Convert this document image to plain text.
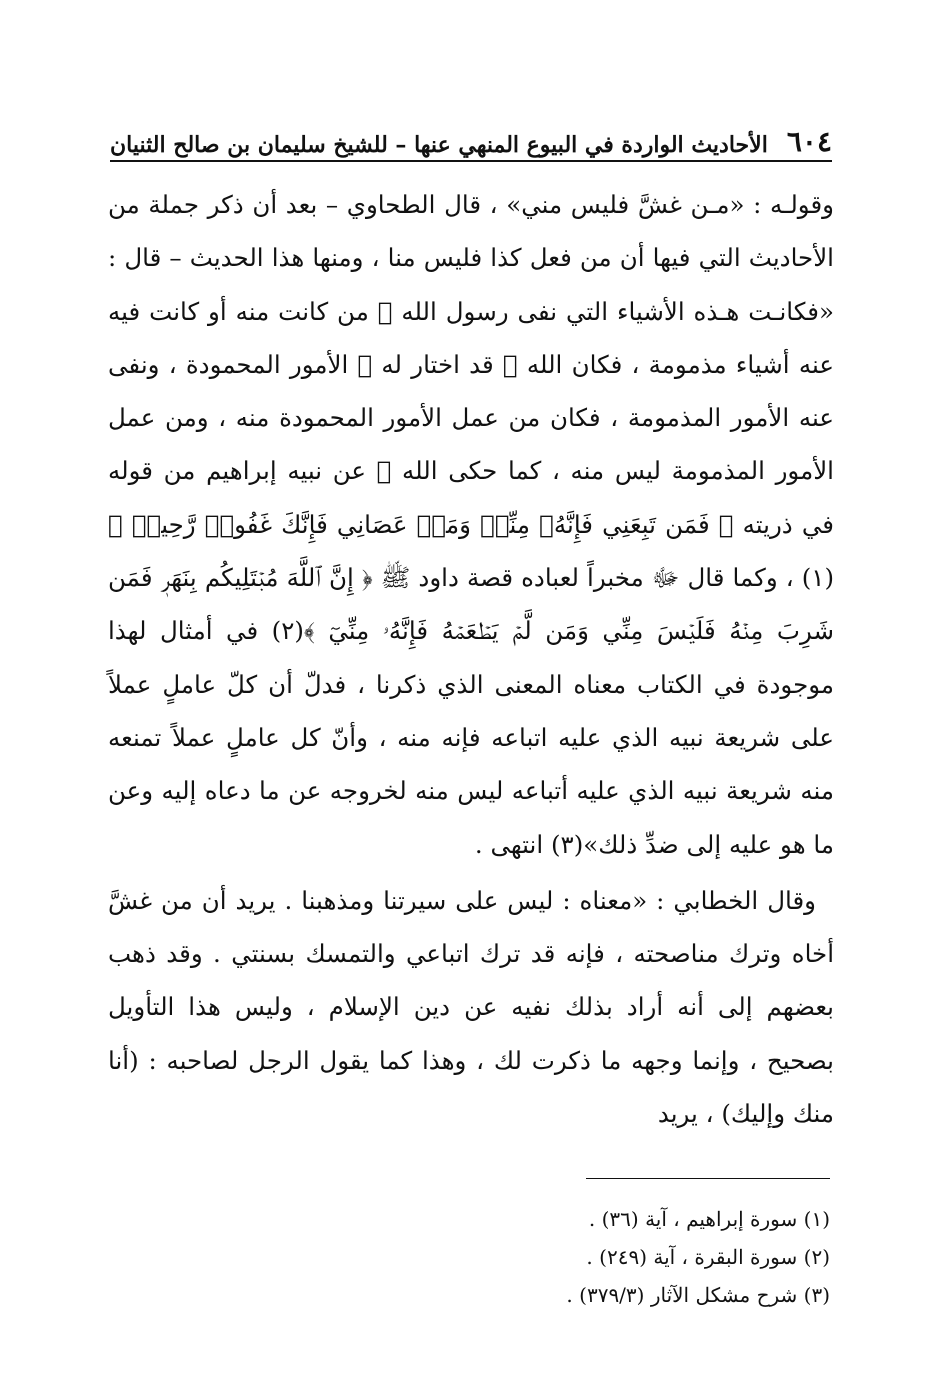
٦٠٤
الأحاديث الواردة في البيوع المنهي عنها – للشيخ سليمان بن صالح الثنيان

وقولـه : «مـن غشَّ فليس مني» ، قال الطحاوي – بعد أن ذكر جملة من الأحاديث التي فيها أن من فعل كذا فليس منا ، ومنها هذا الحديث – قال : «فكانـت هـذه الأشياء التي نفى رسول الله ﷺ من كانت منه أو كانت فيه عنه أشياء مذمومة ، فكان الله ﷻ قد اختار له ﷺ الأمور المحمودة ، ونفى عنه الأمور المذمومة ، فكان من عمل الأمور المحمودة منه ، ومن عمل الأمور المذمومة ليس منه ، كما حكى الله ﷻ عن نبيه إبراهيم من قوله في ذريته ﴿ فَمَن تَبِعَنِي فَإِنَّهُۥ مِنِّيۖ وَمَنۡ عَصَانِي فَإِنَّكَ غَفُورٞ رَّحِيمٞ ﴾(١) ، وكما قال ﷻ مخبراً لعباده قصة داود ﷺ ﴿ إِنَّ ٱللَّهَ مُبۡتَلِيكُم بِنَهَرٖ فَمَن شَرِبَ مِنۡهُ فَلَيۡسَ مِنِّي وَمَن لَّمۡ يَطۡعَمۡهُ فَإِنَّهُۥ مِنِّيٓ ﴾(٢) في أمثال لهذا موجودة في الكتاب معناه المعنى الذي ذكرنا ، فدلّ أن كلّ عاملٍ عملاً على شريعة نبيه الذي عليه اتباعه فإنه منه ، وأنّ كل عاملٍ عملاً تمنعه منه شريعة نبيه الذي عليه أتباعه ليس منه لخروجه عن ما دعاه إليه وعن ما هو عليه إلى ضدِّ ذلك»(٣) انتهى .

وقال الخطابي : «معناه : ليس على سيرتنا ومذهبنا . يريد أن من غشَّ أخاه وترك مناصحته ، فإنه قد ترك اتباعي والتمسك بسنتي . وقد ذهب بعضهم إلى أنه أراد بذلك نفيه عن دين الإسلام ، وليس هذا التأويل بصحيح ، وإنما وجهه ما ذكرت لك ، وهذا كما يقول الرجل لصاحبه : (أنا منك وإليك) ، يريد

(١) سورة إبراهيم ، آية (٣٦) .
(٢) سورة البقرة ، آية (٢٤٩) .
(٣) شرح مشكل الآثار (٣٧٩/٣) .
